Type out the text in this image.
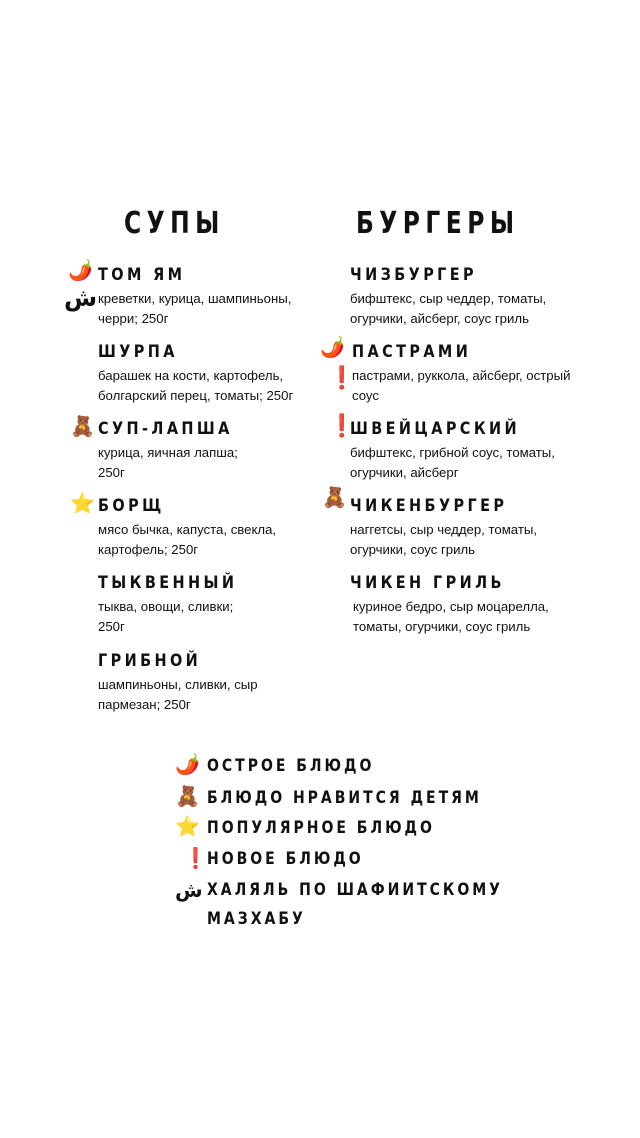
СУПЫ	БУРГЕРЫ
ТОМ ЯМ
креветки, курица, шампиньоны,
черри; 250г
🌶️
ش
ШУРПА
барашек на кости, картофель,
болгарский перец, томаты; 250г
СУП-ЛАПША
курица, яичная лапша;
250г
🧸
БОРЩ
мясо бычка, капуста, свекла,
картофель; 250г
⭐
ТЫКВЕННЫЙ
тыква, овощи, сливки;
250г
ГРИБНОЙ
шампиньоны, сливки, сыр
пармезан; 250г
ЧИЗБУРГЕР
бифштекс, сыр чеддер, томаты,
огурчики, айсберг, соус гриль
ПАСТРАМИ
пастрами, руккола, айсберг, острый
соус
🌶️
❗
ШВЕЙЦАРСКИЙ
бифштекс, грибной соус, томаты,
огурчики, айсберг
❗
ЧИКЕНБУРГЕР
наггетсы, сыр чеддер, томаты,
огурчики, соус гриль
🧸
ЧИКЕН ГРИЛЬ
куриное бедро, сыр моцарелла,
томаты, огурчики, соус гриль
🌶️ ОСТРОЕ БЛЮДО
🧸 БЛЮДО НРАВИТСЯ ДЕТЯМ
⭐ ПОПУЛЯРНОЕ БЛЮДО
❗ НОВОЕ БЛЮДО
ش ХАЛЯЛЬ ПО ШАФИИТСКОМУ
МАЗХАБУ
